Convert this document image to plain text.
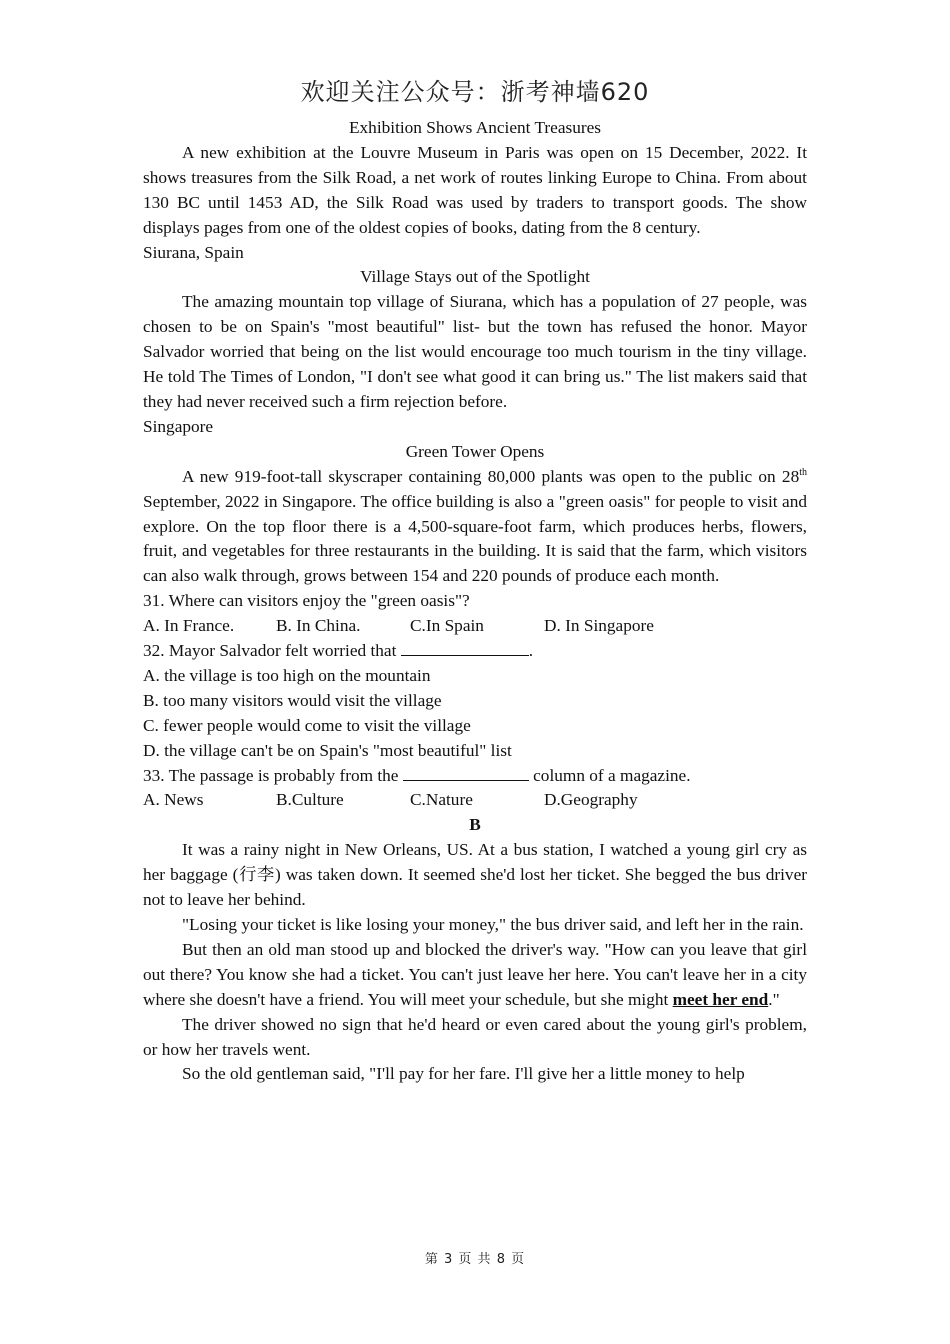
欢迎关注公众号：浙考神墙620

Exhibition Shows Ancient Treasures

A new exhibition at the Louvre Museum in Paris was open on 15 December, 2022. It shows treasures from the Silk Road, a net work of routes linking Europe to China. From about 130 BC until 1453 AD, the Silk Road was used by traders to transport goods. The show displays pages from one of the oldest copies of books, dating from the 8 century.

Siurana, Spain

Village Stays out of the Spotlight

The amazing mountain top village of Siurana, which has a population of 27 people, was chosen to be on Spain's "most beautiful" list- but the town has refused the honor. Mayor Salvador worried that being on the list would encourage too much tourism in the tiny village. He told The Times of London, "I don't see what good it can bring us." The list makers said that they had never received such a firm rejection before.

Singapore

Green Tower Opens

A new 919-foot-tall skyscraper containing 80,000 plants was open to the public on 28th September, 2022 in Singapore. The office building is also a "green oasis" for people to visit and explore. On the top floor there is a 4,500-square-foot farm, which produces herbs, flowers, fruit, and vegetables for three restaurants in the building. It is said that the farm, which visitors can also walk through, grows between 154 and 220 pounds of produce each month.

31. Where can visitors enjoy the "green oasis"?

A. In France.	B. In China.	C.In Spain	D. In Singapore

32. Mayor Salvador felt worried that	.

A. the village is too high on the mountain

B. too many visitors would visit the village

C. fewer people would come to visit the village

D. the village can't be on Spain's "most beautiful" list

33. The passage is probably from the	column of a magazine.

A. News	B.Culture	C.Nature	D.Geography

B

It was a rainy night in New Orleans, US. At a bus station, I watched a young girl cry as her baggage (行李) was taken down. It seemed she'd lost her ticket. She begged the bus driver not to leave her behind.

"Losing your ticket is like losing your money," the bus driver said, and left her in the rain.

But then an old man stood up and blocked the driver's way. "How can you leave that girl out there? You know she had a ticket. You can't just leave her here. You can't leave her in a city where she doesn't have a friend. You will meet your schedule, but she might meet her end."

The driver showed no sign that he'd heard or even cared about the young girl's problem, or how her travels went.

So the old gentleman said, "I'll pay for her fare. I'll give her a little money to help

第 3 页 共 8 页
